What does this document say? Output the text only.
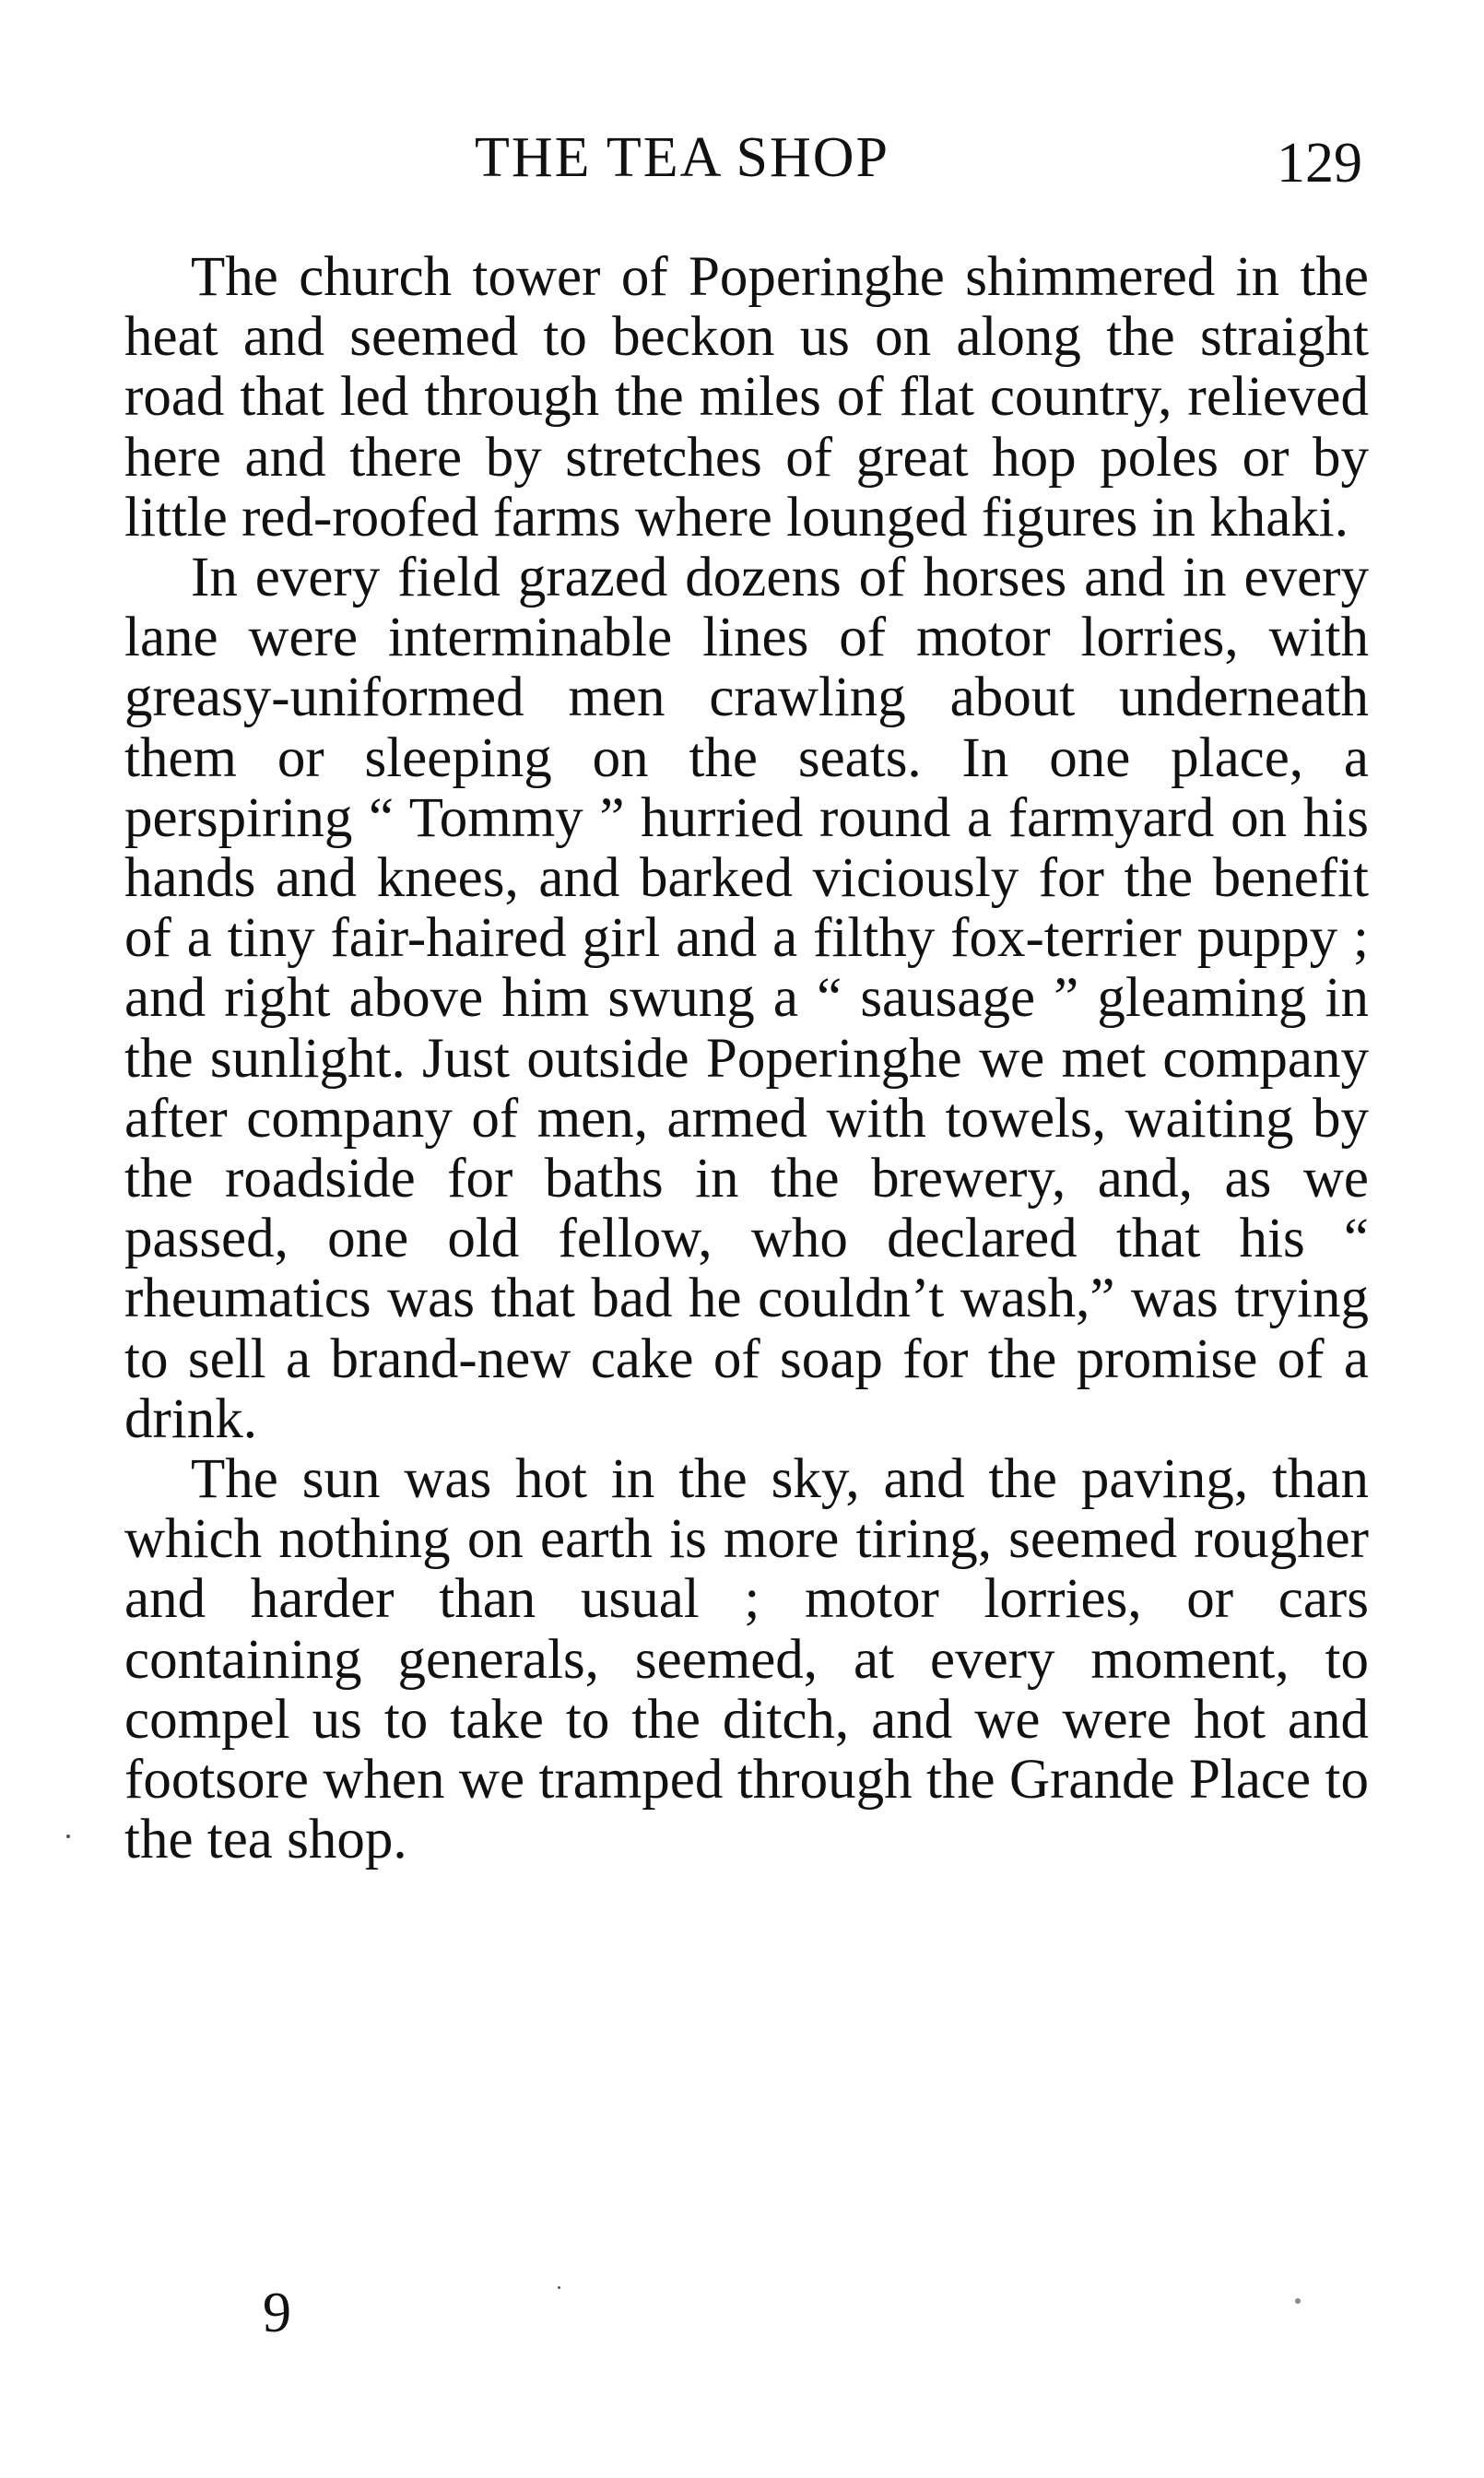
THE TEA SHOP	129

The church tower of Poperinghe shimmered in the heat and seemed to beckon us on along the straight road that led through the miles of flat country, relieved here and there by stretches of great hop poles or by little red-roofed farms where lounged figures in khaki.

In every field grazed dozens of horses and in every lane were interminable lines of motor lorries, with greasy-uniformed men crawling about underneath them or sleeping on the seats. In one place, a perspiring “ Tommy ” hurried round a farmyard on his hands and knees, and barked viciously for the benefit of a tiny fair-haired girl and a filthy fox-terrier puppy ; and right above him swung a “ sausage ” gleaming in the sunlight. Just outside Poperinghe we met company after company of men, armed with towels, waiting by the roadside for baths in the brewery, and, as we passed, one old fellow, who declared that his “ rheumatics was that bad he couldn’t wash,” was trying to sell a brand-new cake of soap for the promise of a drink.

The sun was hot in the sky, and the paving, than which nothing on earth is more tiring, seemed rougher and harder than usual ; motor lorries, or cars containing generals, seemed, at every moment, to compel us to take to the ditch, and we were hot and footsore when we tramped through the Grande Place to the tea shop.

9
